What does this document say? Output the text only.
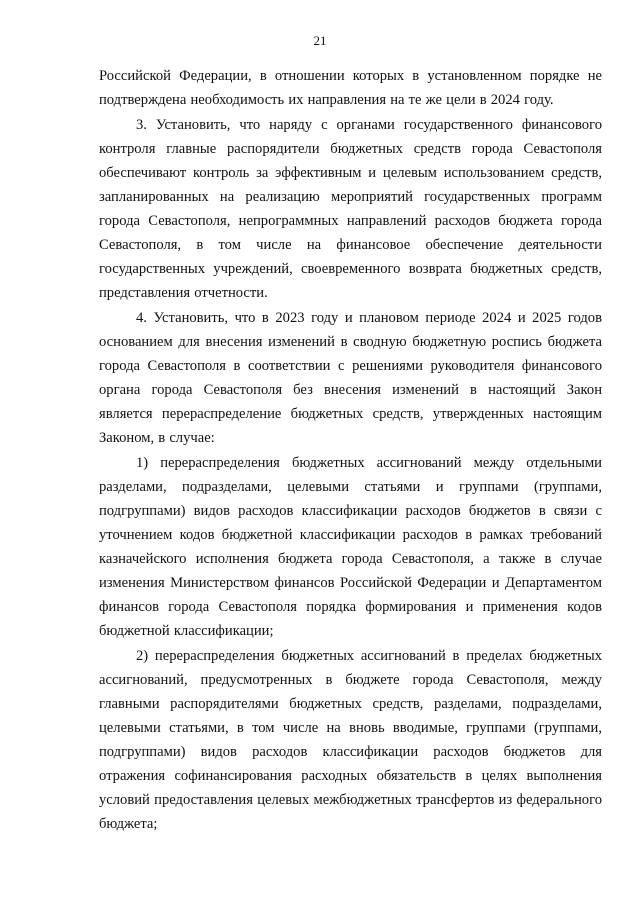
21

Российской Федерации, в отношении которых в установленном порядке не подтверждена необходимость их направления на те же цели в 2024 году.

3. Установить, что наряду с органами государственного финансового контроля главные распорядители бюджетных средств города Севастополя обеспечивают контроль за эффективным и целевым использованием средств, запланированных на реализацию мероприятий государственных программ города Севастополя, непрограммных направлений расходов бюджета города Севастополя, в том числе на финансовое обеспечение деятельности государственных учреждений, своевременного возврата бюджетных средств, представления отчетности.

4. Установить, что в 2023 году и плановом периоде 2024 и 2025 годов основанием для внесения изменений в сводную бюджетную роспись бюджета города Севастополя в соответствии с решениями руководителя финансового органа города Севастополя без внесения изменений в настоящий Закон является перераспределение бюджетных средств, утвержденных настоящим Законом, в случае:

1) перераспределения бюджетных ассигнований между отдельными разделами, подразделами, целевыми статьями и группами (группами, подгруппами) видов расходов классификации расходов бюджетов в связи с уточнением кодов бюджетной классификации расходов в рамках требований казначейского исполнения бюджета города Севастополя, а также в случае изменения Министерством финансов Российской Федерации и Департаментом финансов города Севастополя порядка формирования и применения кодов бюджетной классификации;

2) перераспределения бюджетных ассигнований в пределах бюджетных ассигнований, предусмотренных в бюджете города Севастополя, между главными распорядителями бюджетных средств, разделами, подразделами, целевыми статьями, в том числе на вновь вводимые, группами (группами, подгруппами) видов расходов классификации расходов бюджетов для отражения софинансирования расходных обязательств в целях выполнения условий предоставления целевых межбюджетных трансфертов из федерального бюджета;
